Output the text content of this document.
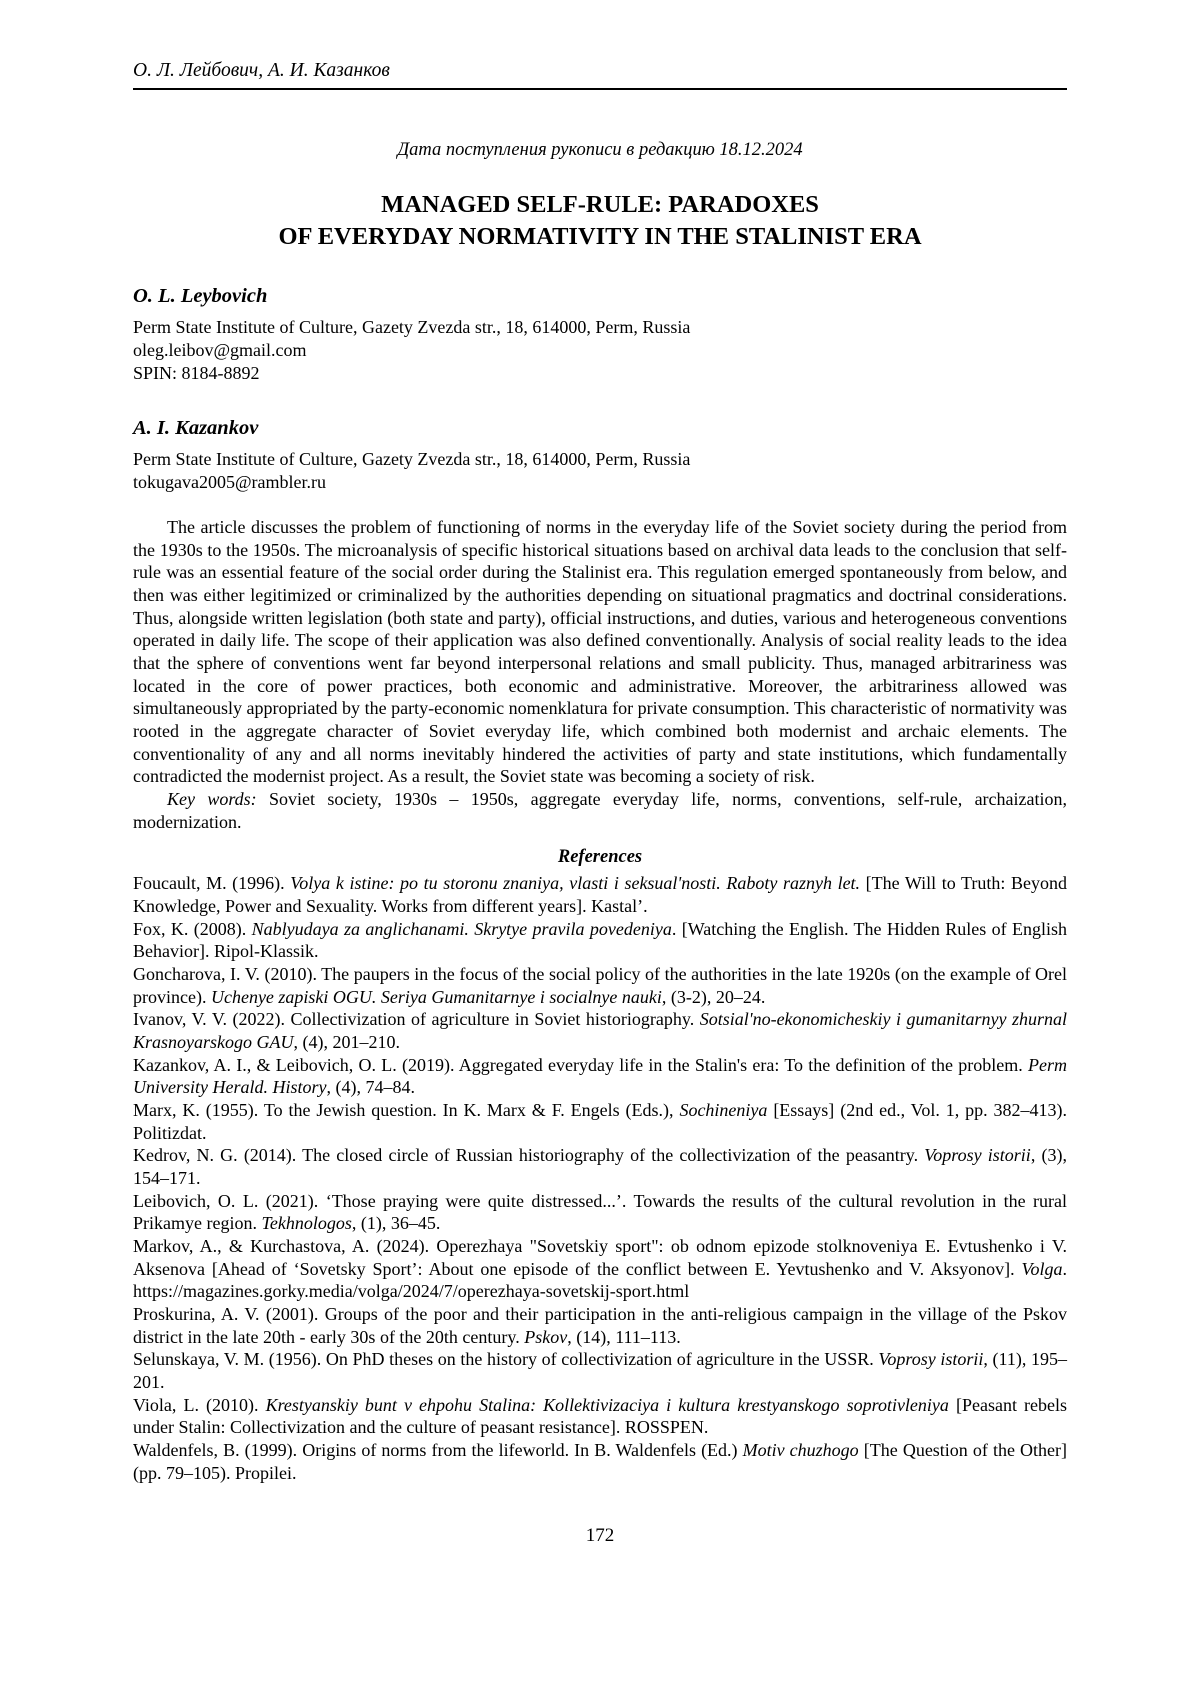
О. Л. Лейбович, А. И. Казанков
Дата поступления рукописи в редакцию 18.12.2024
MANAGED SELF-RULE: PARADOXES
OF EVERYDAY NORMATIVITY IN THE STALINIST ERA
O. L. Leybovich
Perm State Institute of Culture, Gazety Zvezda str., 18, 614000, Perm, Russia
oleg.leibov@gmail.com
SPIN: 8184-8892
A. I. Kazankov
Perm State Institute of Culture, Gazety Zvezda str., 18, 614000, Perm, Russia
tokugava2005@rambler.ru

The article discusses the problem of functioning of norms in the everyday life of the Soviet society during the period from the 1930s to the 1950s. The microanalysis of specific historical situations based on archival data leads to the conclusion that self-rule was an essential feature of the social order during the Stalinist era. This regulation emerged spontaneously from below, and then was either legitimized or criminalized by the authorities depending on situational pragmatics and doctrinal considerations. Thus, alongside written legislation (both state and party), official instructions, and duties, various and heterogeneous conventions operated in daily life. The scope of their application was also defined conventionally. Analysis of social reality leads to the idea that the sphere of conventions went far beyond interpersonal relations and small publicity. Thus, managed arbitrariness was located in the core of power practices, both economic and administrative. Moreover, the arbitrariness allowed was simultaneously appropriated by the party-economic nomenklatura for private consumption. This characteristic of normativity was rooted in the aggregate character of Soviet everyday life, which combined both modernist and archaic elements. The conventionality of any and all norms inevitably hindered the activities of party and state institutions, which fundamentally contradicted the modernist project. As a result, the Soviet state was becoming a society of risk.

Key words: Soviet society, 1930s – 1950s, aggregate everyday life, norms, conventions, self-rule, archaization, modernization.

References

Foucault, M. (1996). Volya k istine: po tu storonu znaniya, vlasti i seksual'nosti. Raboty raznyh let. [The Will to Truth: Beyond Knowledge, Power and Sexuality. Works from different years]. Kastal’.

Fox, K. (2008). Nablyudaya za anglichanami. Skrytye pravila povedeniya. [Watching the English. The Hidden Rules of English Behavior]. Ripol-Klassik.

Goncharova, I. V. (2010). The paupers in the focus of the social policy of the authorities in the late 1920s (on the example of Orel province). Uchenye zapiski OGU. Seriya Gumanitarnye i socialnye nauki, (3-2), 20–24.

Ivanov, V. V. (2022). Collectivization of agriculture in Soviet historiography. Sotsial'no-ekonomicheskiy i gumanitarnyy zhurnal Krasnoyarskogo GAU, (4), 201–210.

Kazankov, A. I., & Leibovich, O. L. (2019). Aggregated everyday life in the Stalin's era: To the definition of the problem. Perm University Herald. History, (4), 74–84.

Marx, K. (1955). To the Jewish question. In K. Marx & F. Engels (Eds.), Sochineniya [Essays] (2nd ed., Vol. 1, pp. 382–413). Politizdat.

Kedrov, N. G. (2014). The closed circle of Russian historiography of the collectivization of the peasantry. Voprosy istorii, (3), 154–171.

Leibovich, O. L. (2021). ‘Those praying were quite distressed...’. Towards the results of the cultural revolution in the rural Prikamye region. Tekhnologos, (1), 36–45.

Markov, A., & Kurchastova, A. (2024). Operezhaya "Sovetskiy sport": ob odnom epizode stolknoveniya E. Evtushenko i V. Aksenova [Ahead of ‘Sovetsky Sport’: About one episode of the conflict between E. Yevtushenko and V. Aksyonov]. Volga. https://magazines.gorky.media/volga/2024/7/operezhaya-sovetskij-sport.html

Proskurina, A. V. (2001). Groups of the poor and their participation in the anti-religious campaign in the village of the Pskov district in the late 20th - early 30s of the 20th century. Pskov, (14), 111–113.

Selunskaya, V. M. (1956). On PhD theses on the history of collectivization of agriculture in the USSR. Voprosy istorii, (11), 195–201.

Viola, L. (2010). Krestyanskiy bunt v ehpohu Stalina: Kollektivizaciya i kultura krestyanskogo soprotivleniya [Peasant rebels under Stalin: Collectivization and the culture of peasant resistance]. ROSSPEN.

Waldenfels, B. (1999). Origins of norms from the lifeworld. In B. Waldenfels (Ed.) Motiv chuzhogo [The Question of the Other] (pp. 79–105). Propilei.

172
